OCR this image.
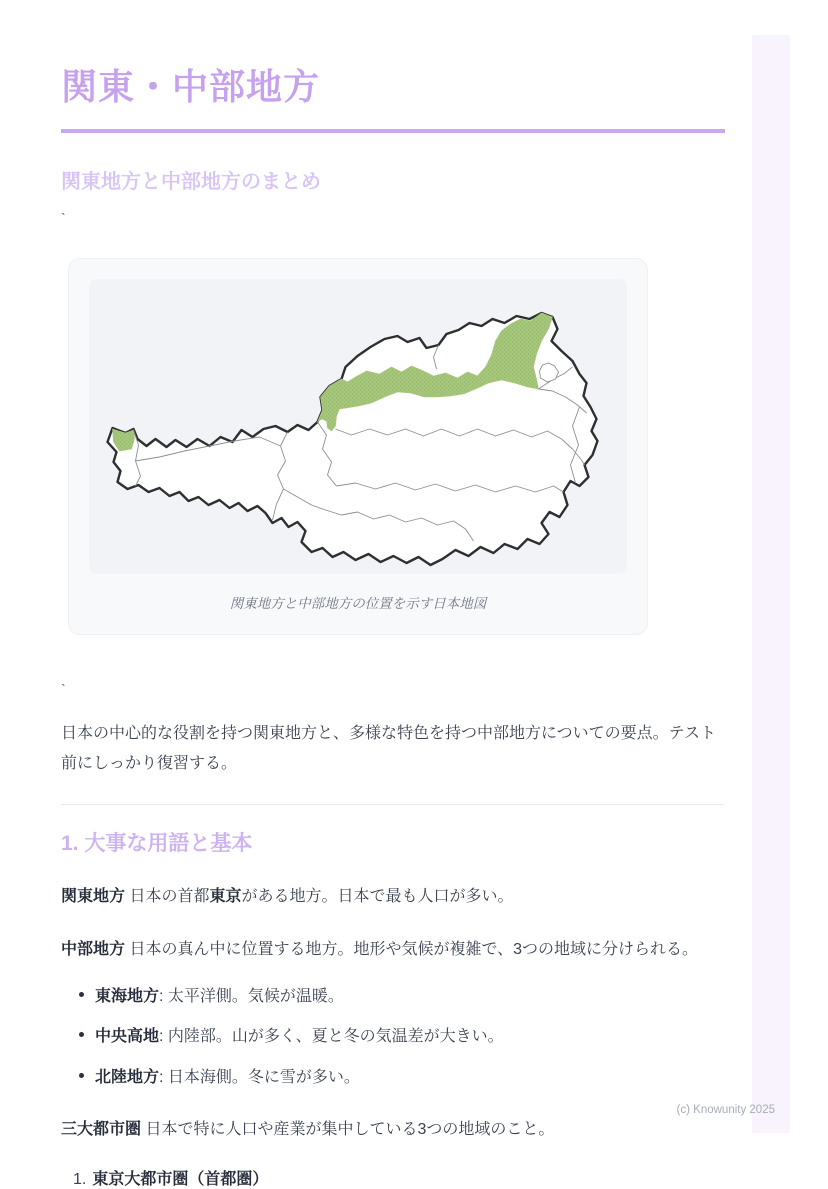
関東・中部地方
関東地方と中部地方のまとめ
`
関東地方と中部地方の位置を示す日本地図
`

日本の中心的な役割を持つ関東地方と、多様な特色を持つ中部地方についての要点。テスト前にしっかり復習する。

1. 大事な用語と基本

関東地方 日本の首都東京がある地方。日本で最も人口が多い。

中部地方 日本の真ん中に位置する地方。地形や気候が複雑で、3つの地域に分けられる。

東海地方: 太平洋側。気候が温暖。
中央高地: 内陸部。山が多く、夏と冬の気温差が大きい。
北陸地方: 日本海側。冬に雪が多い。

三大都市圏 日本で特に人口や産業が集中している3つの地域のこと。

1. 東京大都市圏（首都圏）
(c) Knowunity 2025
